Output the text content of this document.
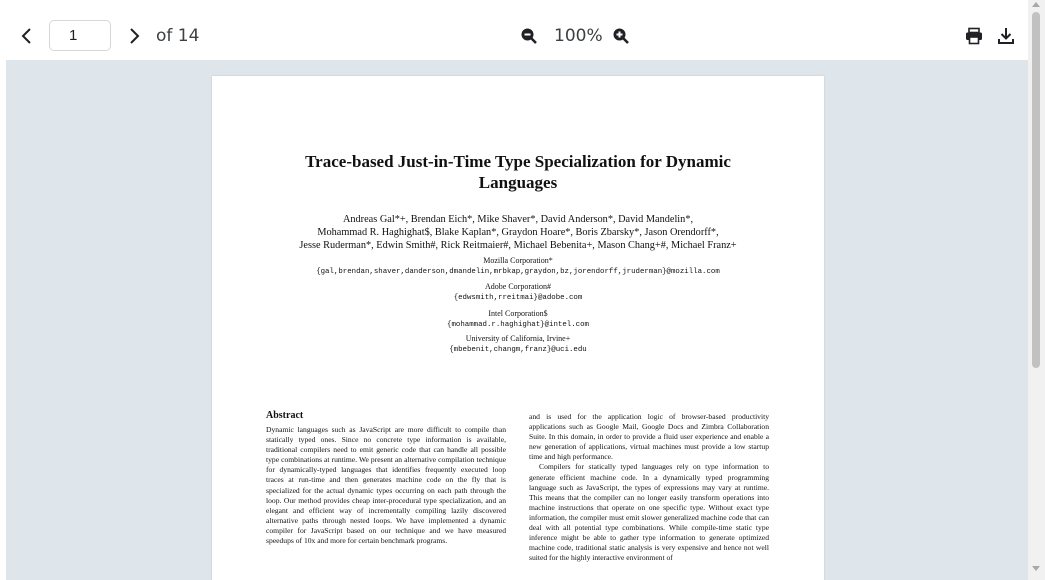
1
of 14	100%
Trace-based Just-in-Time Type Specialization for Dynamic Languages
Andreas Gal*+, Brendan Eich*, Mike Shaver*, David Anderson*, David Mandelin*,
Mohammad R. Haghighat$, Blake Kaplan*, Graydon Hoare*, Boris Zbarsky*, Jason Orendorff*,
Jesse Ruderman*, Edwin Smith#, Rick Reitmaier#, Michael Bebenita+, Mason Chang+#, Michael Franz+
Mozilla Corporation*
{gal,brendan,shaver,danderson,dmandelin,mrbkap,graydon,bz,jorendorff,jruderman}@mozilla.com
Adobe Corporation#
{edwsmith,rreitmai}@adobe.com
Intel Corporation$
{mohammad.r.haghighat}@intel.com
University of California, Irvine+
{mbebenit,changm,franz}@uci.edu
Abstract

Dynamic languages such as JavaScript are more difficult to compile than statically typed ones. Since no concrete type information is available, traditional compilers need to emit generic code that can handle all possible type combinations at runtime. We present an alternative compilation technique for dynamically-typed languages that identifies frequently executed loop traces at run-time and then generates machine code on the fly that is specialized for the actual dynamic types occurring on each path through the loop. Our method provides cheap inter-procedural type specialization, and an elegant and efficient way of incrementally compiling lazily discovered alternative paths through nested loops. We have implemented a dynamic compiler for JavaScript based on our technique and we have measured speedups of 10x and more for certain benchmark programs.

and is used for the application logic of browser-based productivity applications such as Google Mail, Google Docs and Zimbra Collaboration Suite. In this domain, in order to provide a fluid user experience and enable a new generation of applications, virtual machines must provide a low startup time and high performance.

Compilers for statically typed languages rely on type information to generate efficient machine code. In a dynamically typed programming language such as JavaScript, the types of expressions may vary at runtime. This means that the compiler can no longer easily transform operations into machine instructions that operate on one specific type. Without exact type information, the compiler must emit slower generalized machine code that can deal with all potential type combinations. While compile-time static type inference might be able to gather type information to generate optimized machine code, traditional static analysis is very expensive and hence not well suited for the highly interactive environment of
